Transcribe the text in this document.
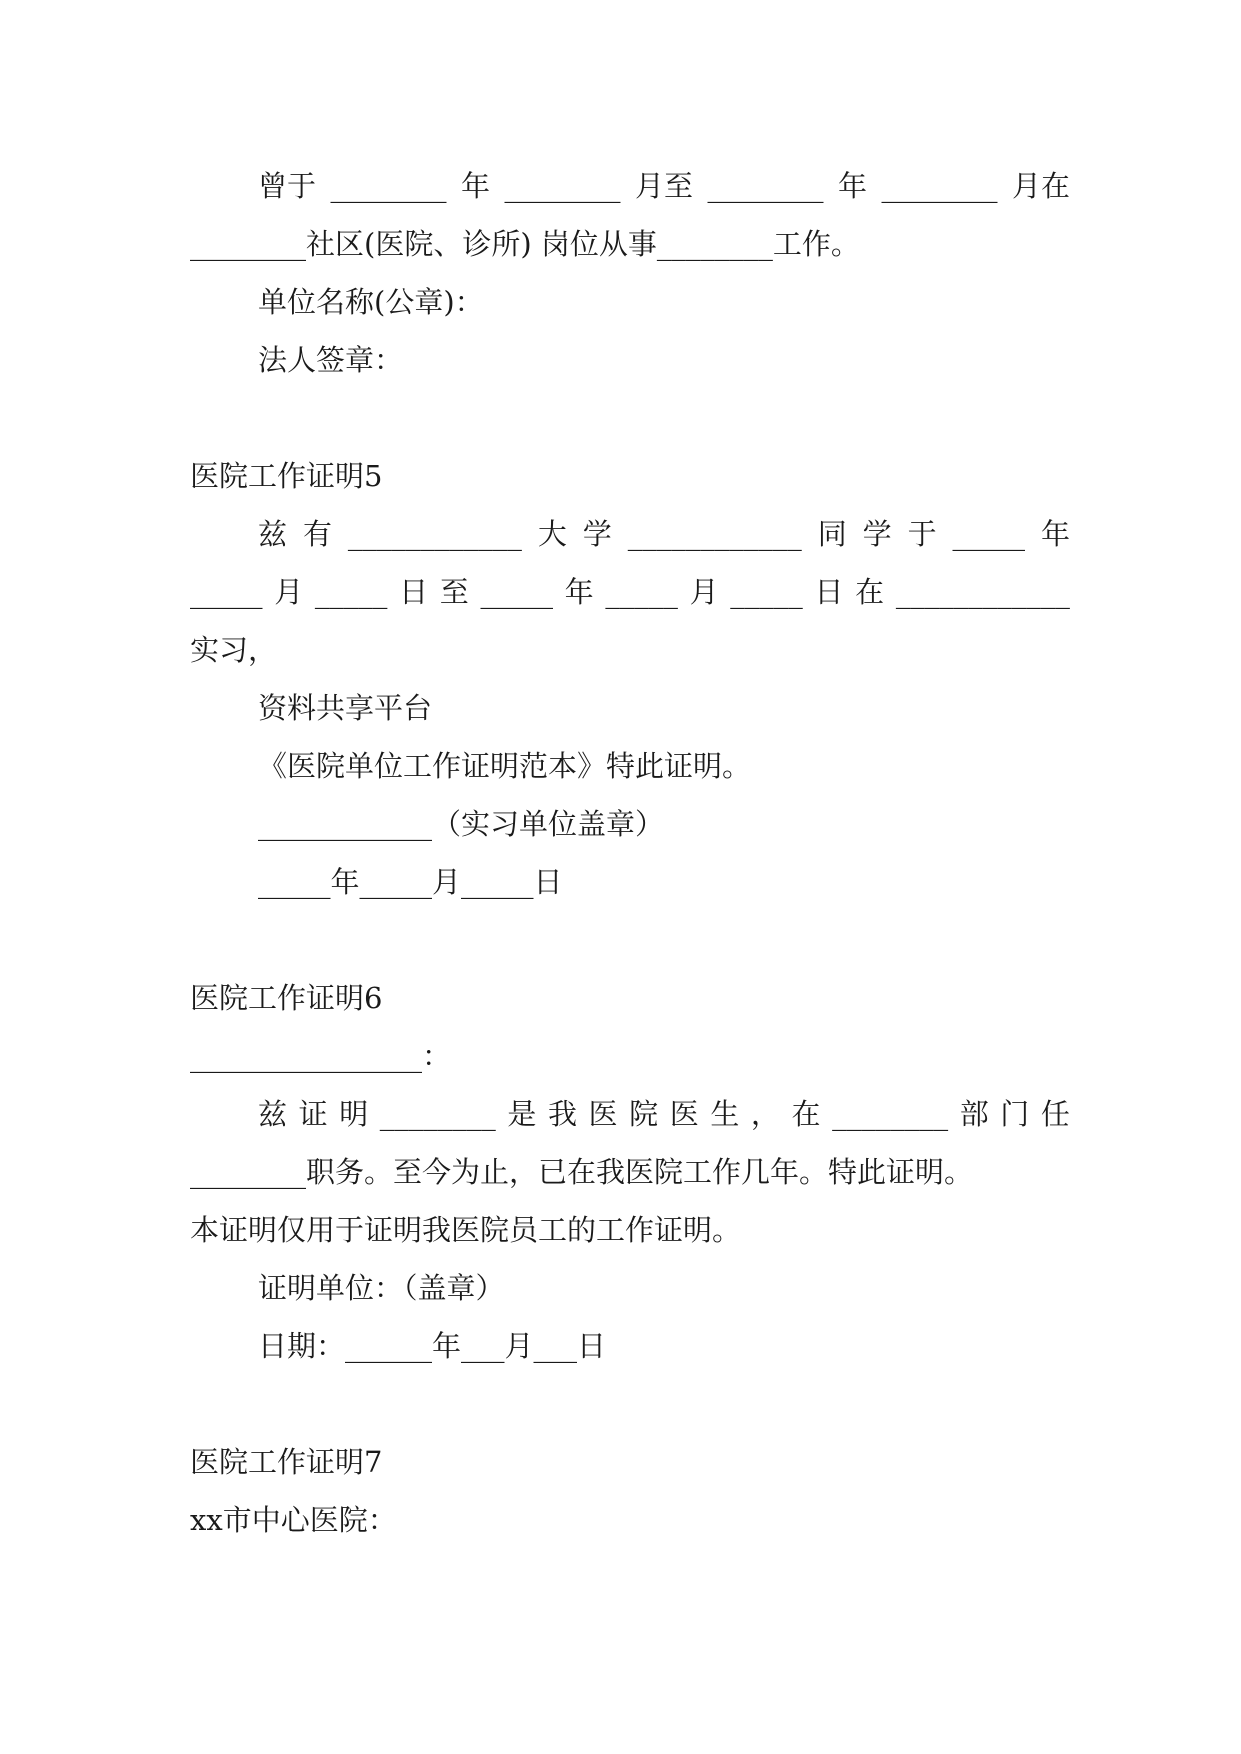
曾于 ________ 年 ________ 月至 ________ 年 ________ 月在
________社区(医院、诊所) 岗位从事________工作。
单位名称(公章)：
法人签章：
医院工作证明5
兹 有 ____________ 大 学 ____________ 同 学 于 _____ 年
_____ 月 _____ 日 至 _____ 年 _____ 月 _____ 日 在 ____________
实习，
资料共享平台
《医院单位工作证明范本》特此证明。
____________（实习单位盖章）
_____年_____月_____日
医院工作证明6
________________：
兹 证 明 ________ 是 我 医 院 医 生 ， 在 ________ 部 门 任
________职务。至今为止，已在我医院工作几年。特此证明。
本证明仅用于证明我医院员工的工作证明。
证明单位：（盖章）
日期：______年___月___日
医院工作证明7
xx市中心医院：
